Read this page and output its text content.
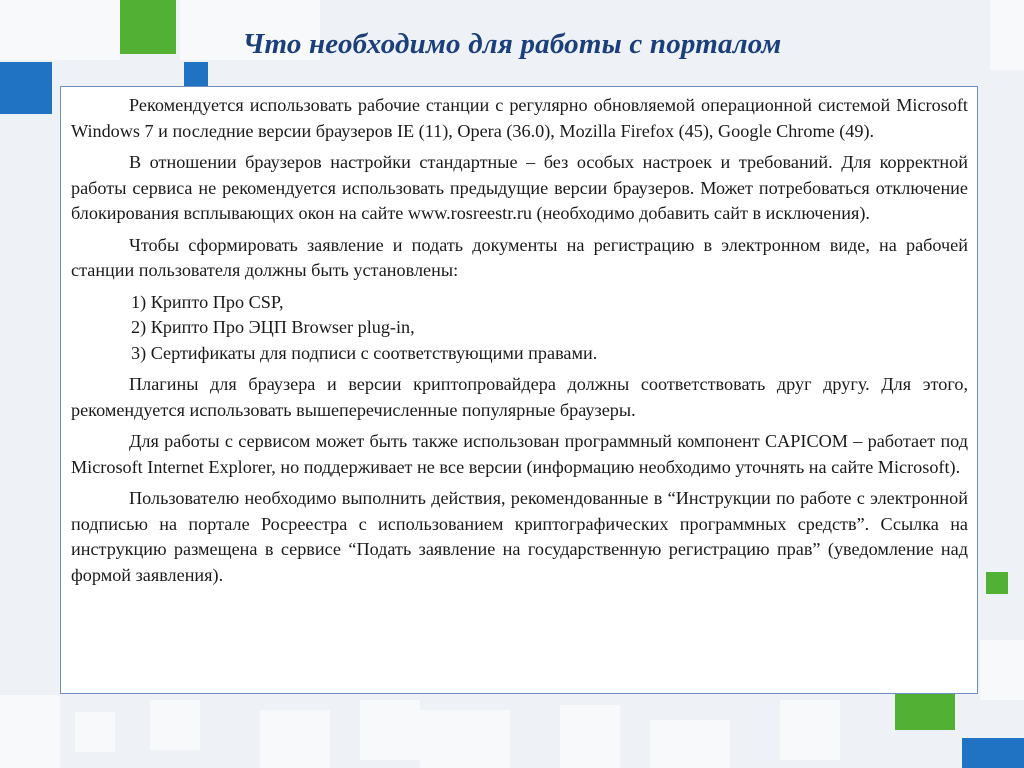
Что необходимо для работы с порталом

Рекомендуется использовать рабочие станции с регулярно обновляемой операционной системой Microsoft Windows 7 и последние версии браузеров IE (11), Opera (36.0), Mozilla Firefox (45), Google Chrome (49).

В отношении браузеров настройки стандартные – без особых настроек и требований. Для корректной работы сервиса не рекомендуется использовать предыдущие версии браузеров. Может потребоваться отключение блокирования всплывающих окон на сайте www.rosreestr.ru (необходимо добавить сайт в исключения).

Чтобы сформировать заявление и подать документы на регистрацию в электронном виде, на рабочей станции пользователя должны быть установлены:

1) Крипто Про CSP,
2) Крипто Про ЭЦП Browser plug-in,
3) Сертификаты для подписи с соответствующими правами.

Плагины для браузера и версии криптопровайдера должны соответствовать друг другу. Для этого, рекомендуется использовать вышеперечисленные популярные браузеры.

Для работы с сервисом может быть также использован программный компонент CAPICOM – работает под Microsoft Internet Explorer, но поддерживает не все версии (информацию необходимо уточнять на сайте Microsoft).

Пользователю необходимо выполнить действия, рекомендованные в “Инструкции по работе с электронной подписью на портале Росреестра с использованием криптографических программных средств”. Ссылка на инструкцию размещена в сервисе “Подать заявление на государственную регистрацию прав” (уведомление над формой заявления).
